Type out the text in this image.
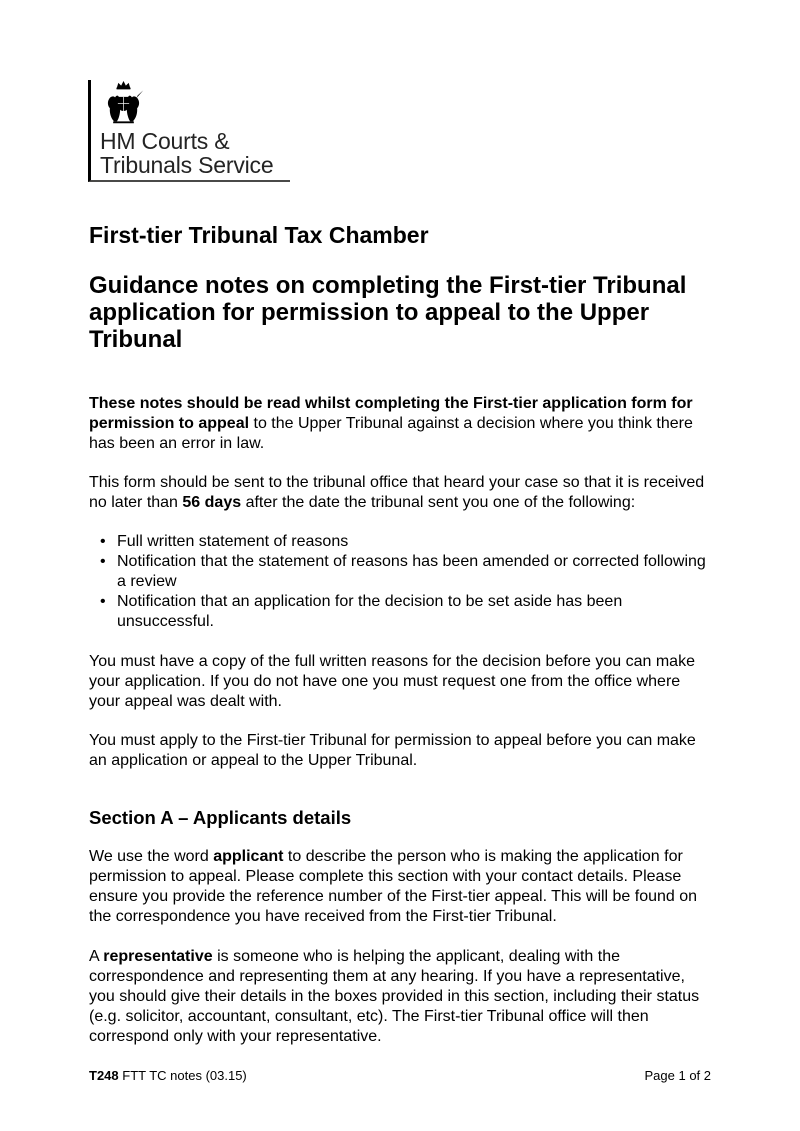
HM Courts &
Tribunals Service
First-tier Tribunal Tax Chamber
Guidance notes on completing the First-tier Tribunal application for permission to appeal to the Upper Tribunal

These notes should be read whilst completing the First-tier application form for permission to appeal to the Upper Tribunal against a decision where you think there has been an error in law.

This form should be sent to the tribunal office that heard your case so that it is received no later than 56 days after the date the tribunal sent you one of the following:

• Full written statement of reasons
• Notification that the statement of reasons has been amended or corrected following a review
• Notification that an application for the decision to be set aside has been unsuccessful.

You must have a copy of the full written reasons for the decision before you can make your application. If you do not have one you must request one from the office where your appeal was dealt with.

You must apply to the First-tier Tribunal for permission to appeal before you can make an application or appeal to the Upper Tribunal.

Section A – Applicants details

We use the word applicant to describe the person who is making the application for permission to appeal. Please complete this section with your contact details. Please ensure you provide the reference number of the First-tier appeal. This will be found on the correspondence you have received from the First-tier Tribunal.

A representative is someone who is helping the applicant, dealing with the correspondence and representing them at any hearing. If you have a representative, you should give their details in the boxes provided in this section, including their status (e.g. solicitor, accountant, consultant, etc). The First-tier Tribunal office will then correspond only with your representative.

T248 FTT TC notes (03.15)	Page 1 of 2
